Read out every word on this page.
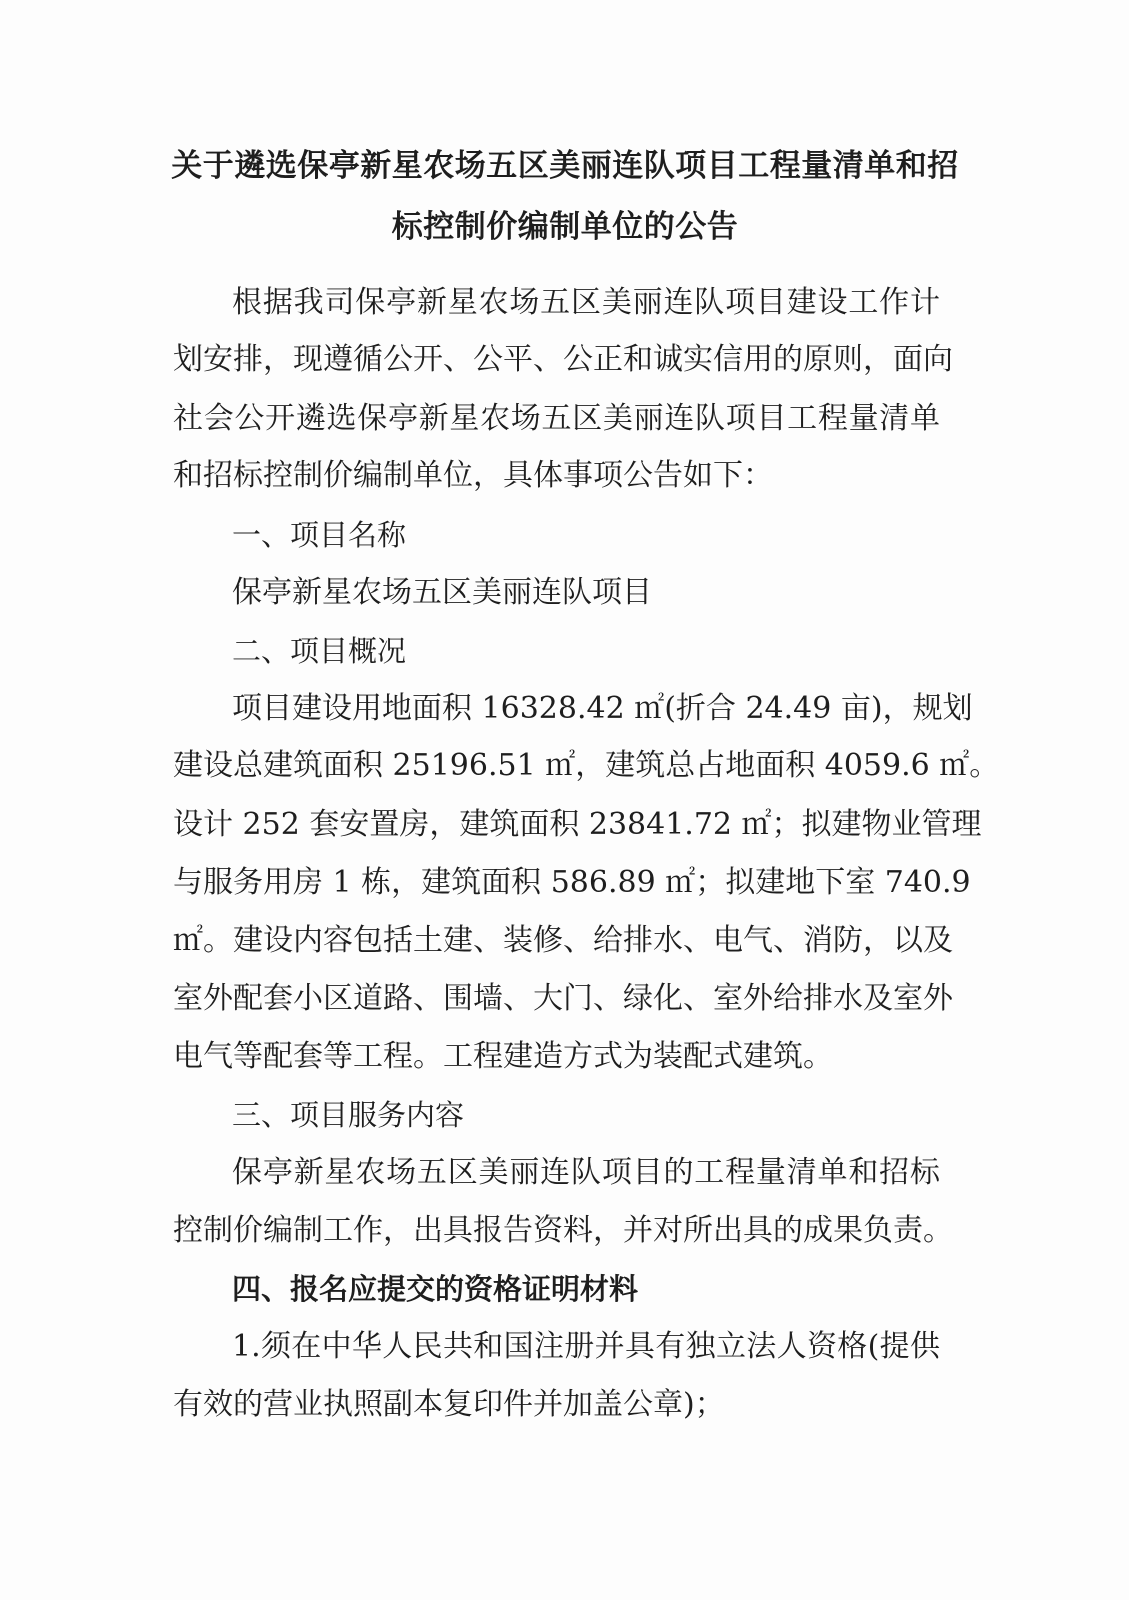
关于遴选保亭新星农场五区美丽连队项目工程量清单和招
标控制价编制单位的公告

根据我司保亭新星农场五区美丽连队项目建设工作计

划安排，现遵循公开、公平、公正和诚实信用的原则，面向

社会公开遴选保亭新星农场五区美丽连队项目工程量清单

和招标控制价编制单位，具体事项公告如下：

一、项目名称

保亭新星农场五区美丽连队项目

二、项目概况

项目建设用地面积 16328.42 ㎡(折合 24.49 亩)，规划

建设总建筑面积 25196.51 ㎡，建筑总占地面积 4059.6 ㎡。

设计 252 套安置房，建筑面积 23841.72 ㎡；拟建物业管理

与服务用房 1 栋，建筑面积 586.89 ㎡；拟建地下室 740.9

㎡。建设内容包括土建、装修、给排水、电气、消防，以及

室外配套小区道路、围墙、大门、绿化、室外给排水及室外

电气等配套等工程。工程建造方式为装配式建筑。

三、项目服务内容

保亭新星农场五区美丽连队项目的工程量清单和招标

控制价编制工作，出具报告资料，并对所出具的成果负责。

四、报名应提交的资格证明材料

1.须在中华人民共和国注册并具有独立法人资格(提供

有效的营业执照副本复印件并加盖公章)；
